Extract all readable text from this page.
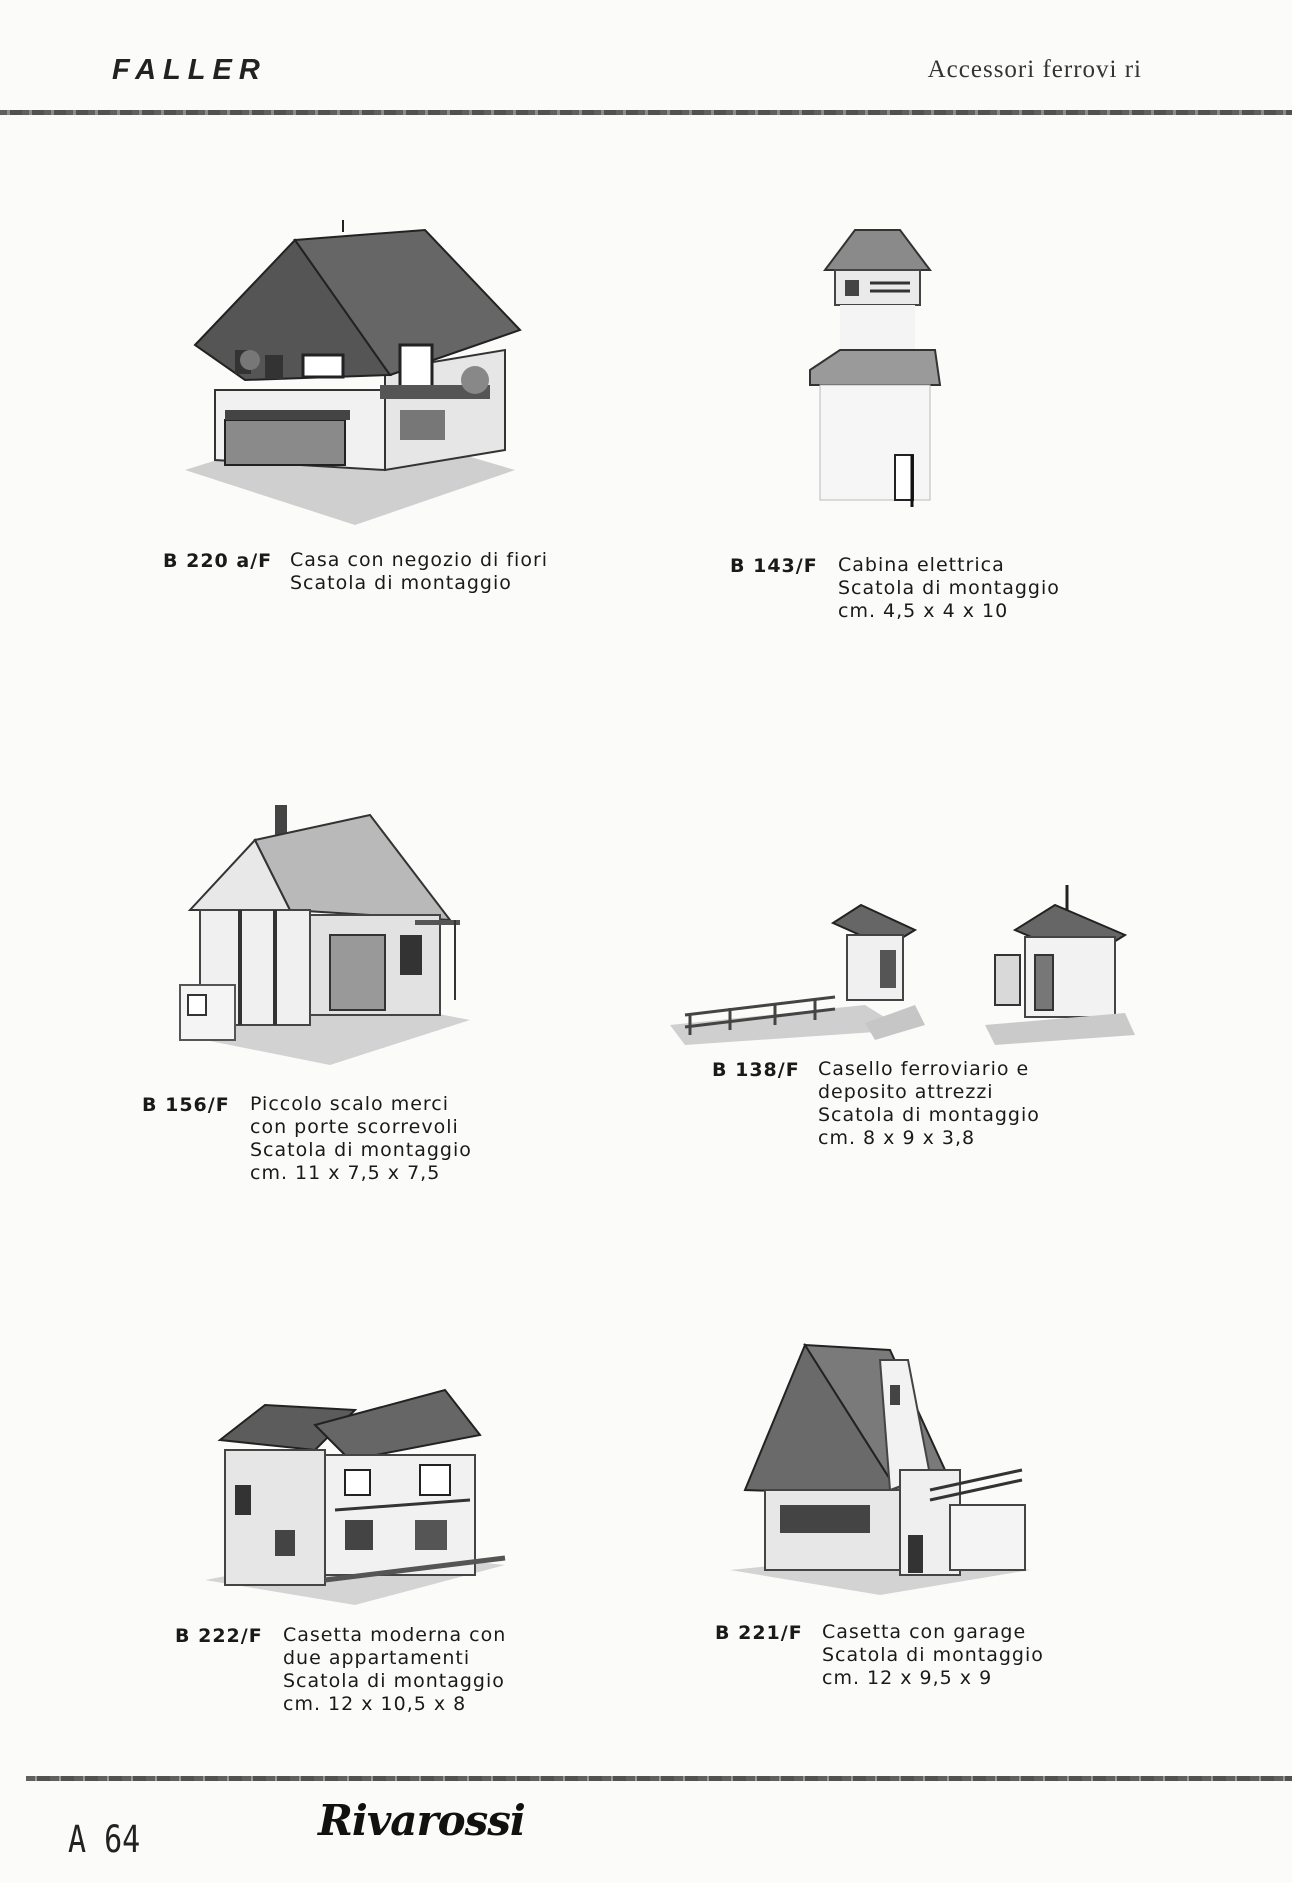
FALLER	Accessori ferrovi ri
B 220 a/F Casa con negozio di fiori
Scatola di montaggio
B 143/F Cabina elettrica
Scatola di montaggio
cm. 4,5 x 4 x 10
B 156/F Piccolo scalo merci
con porte scorrevoli
Scatola di montaggio
cm. 11 x 7,5 x 7,5
B 138/F Casello ferroviario e
deposito attrezzi
Scatola di montaggio
cm. 8 x 9 x 3,8
B 222/F Casetta moderna con
due appartamenti
Scatola di montaggio
cm. 12 x 10,5 x 8
B 221/F Casetta con garage
Scatola di montaggio
cm. 12 x 9,5 x 9
A 64	Rivarossi
